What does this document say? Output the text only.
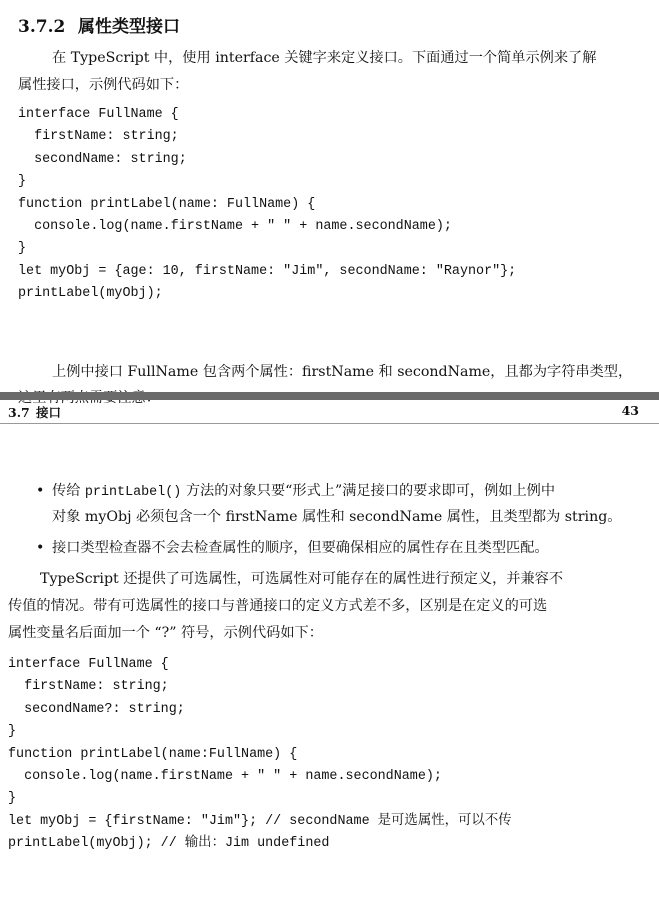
3.7.2 属性类型接口
在 TypeScript 中，使用 interface 关键字来定义接口。下面通过一个简单示例来了解
属性接口，示例代码如下：
interface FullName {
firstName: string;
secondName: string;
}
function printLabel(name: FullName) {
console.log(name.firstName + " " + name.secondName);
}
let myObj = {age: 10, firstName: "Jim", secondName: "Raynor"};
printLabel(myObj);
上例中接口 FullName 包含两个属性：firstName 和 secondName，且都为字符串类型，
3.7 接口	43
• 传给 printLabel() 方法的对象只要“形式上”满足接口的要求即可，例如上例中
对象 myObj 必须包含一个 firstName 属性和 secondName 属性，且类型都为 string。
• 接口类型检查器不会去检查属性的顺序，但要确保相应的属性存在且类型匹配。
TypeScript 还提供了可选属性，可选属性对可能存在的属性进行预定义，并兼容不
传值的情况。带有可选属性的接口与普通接口的定义方式差不多，区别是在定义的可选
属性变量名后面加一个 “?” 符号，示例代码如下：
interface FullName {
firstName: string;
secondName?: string;
}
function printLabel(name:FullName) {
console.log(name.firstName + " " + name.secondName);
}
let myObj = {firstName: "Jim"}; // secondName 是可选属性，可以不传
printLabel(myObj); // 输出：Jim undefined
